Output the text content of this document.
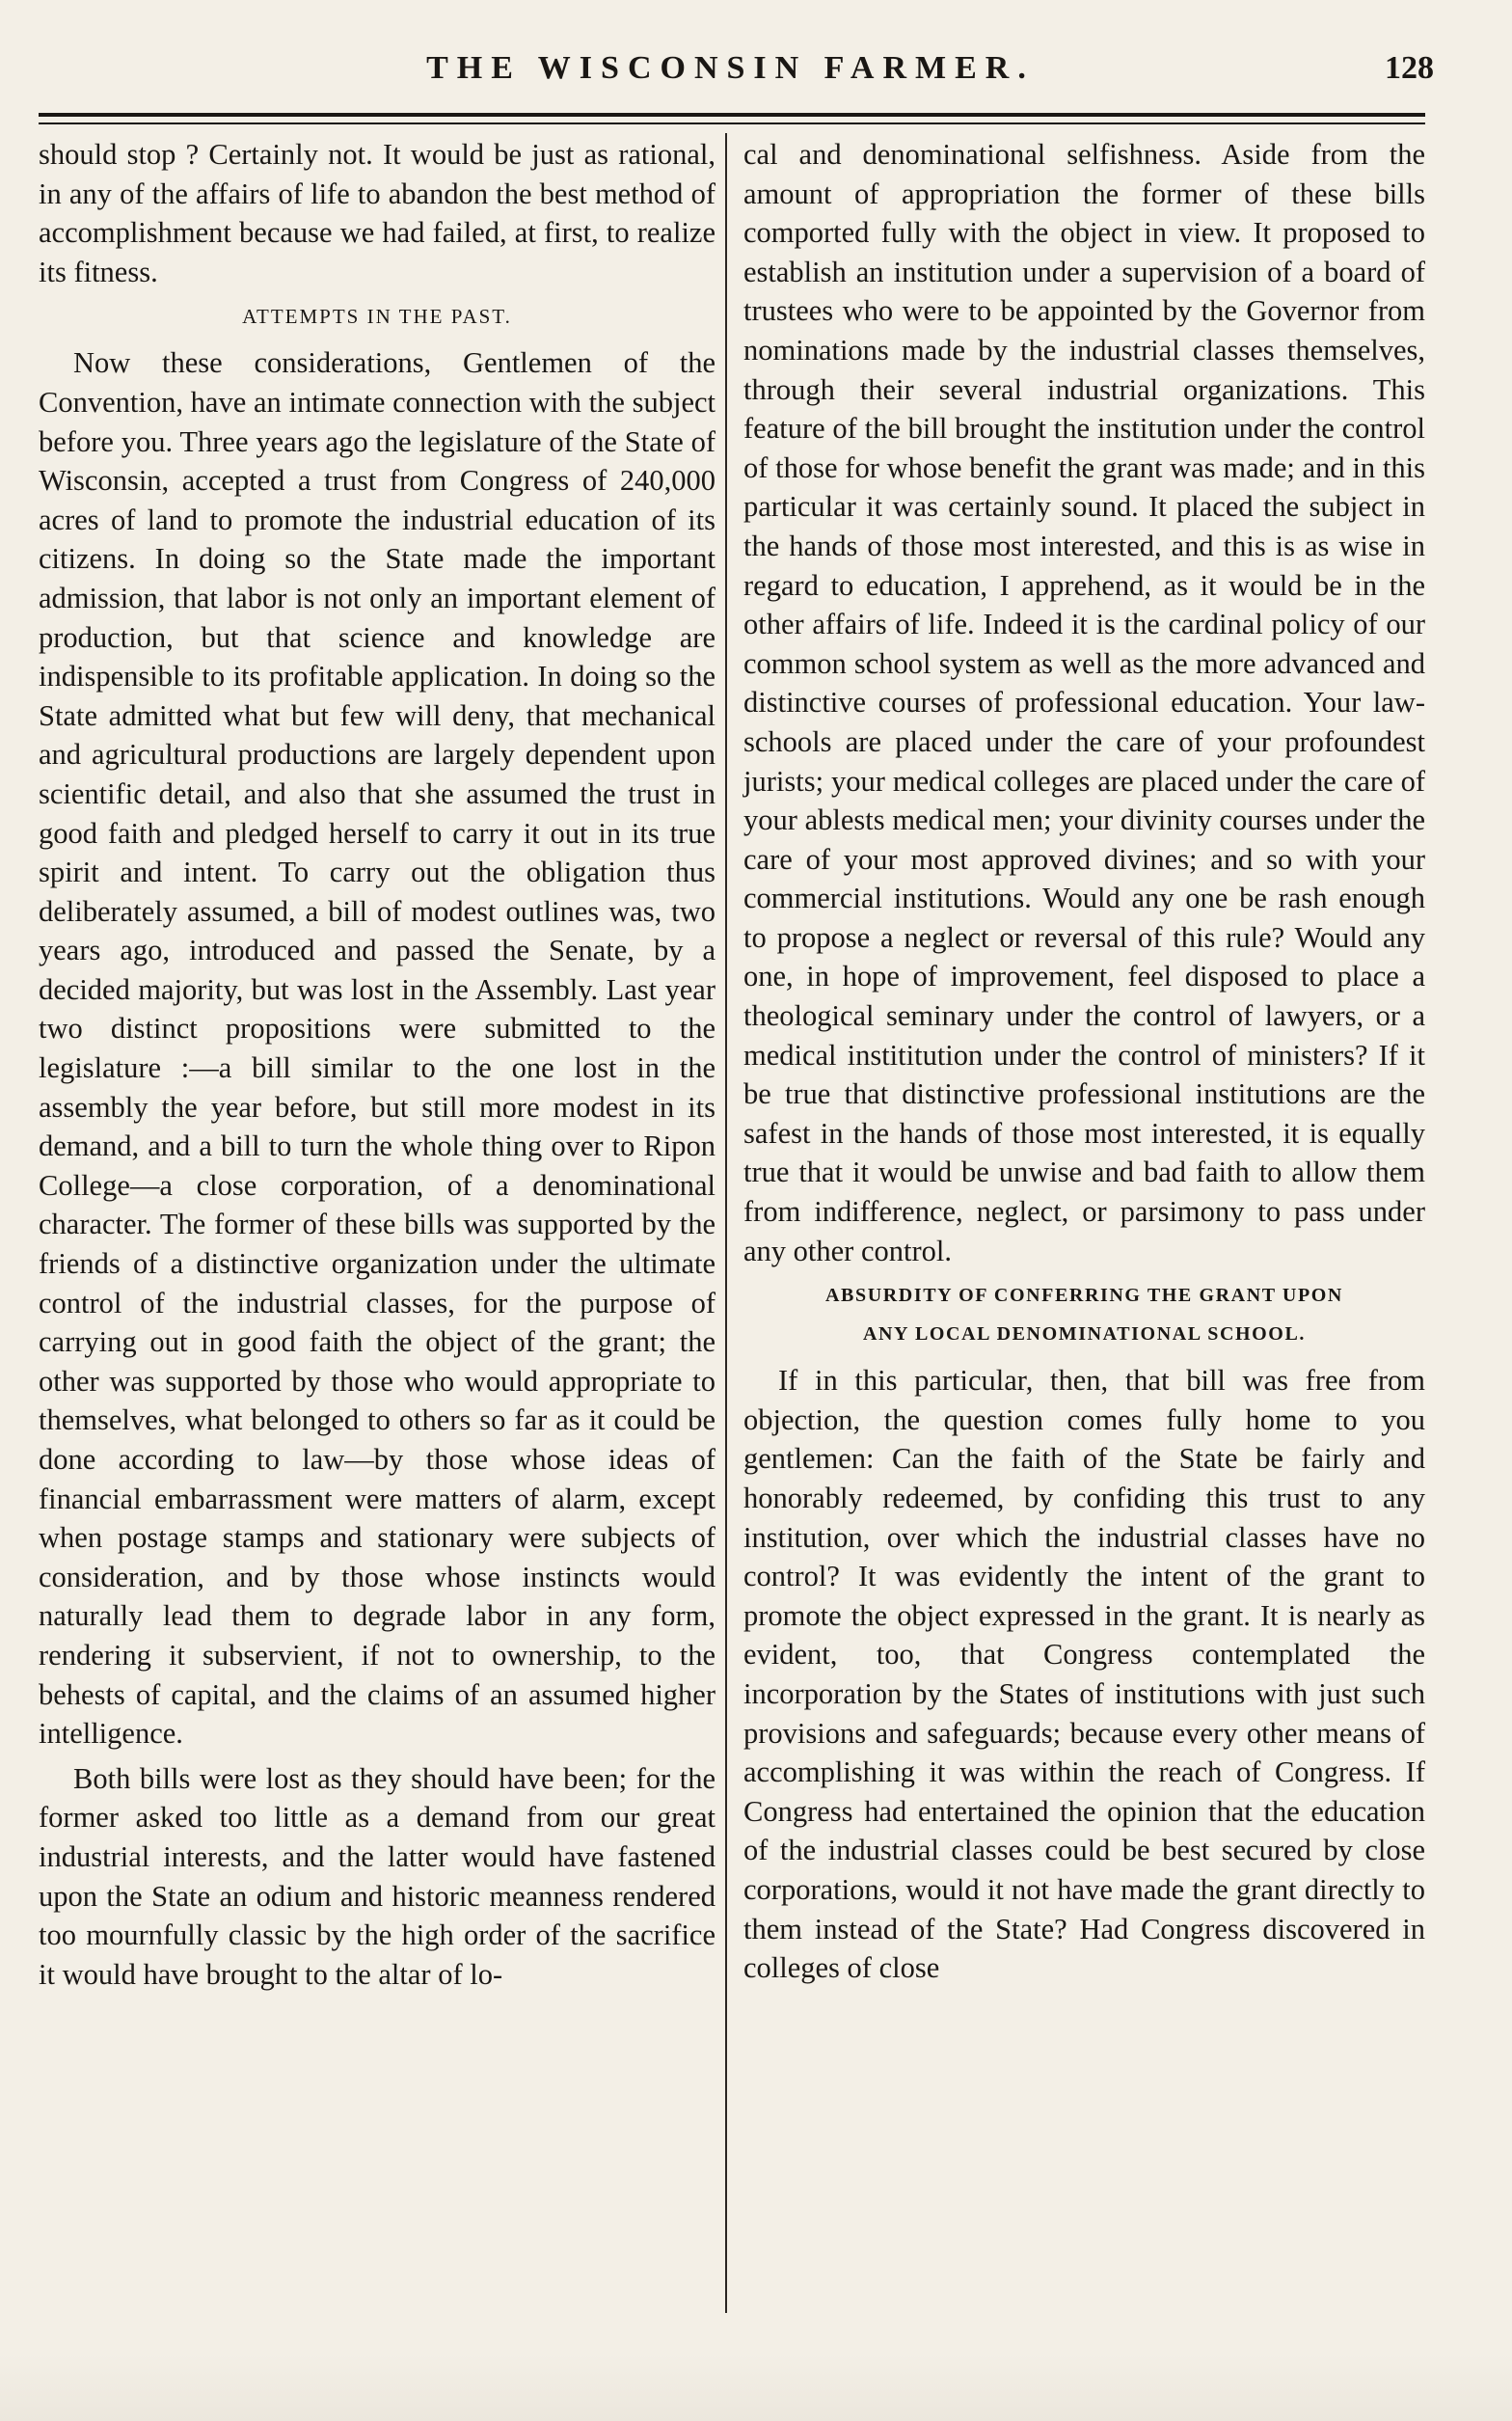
THE WISCONSIN FARMER.	128

should stop ? Certainly not. It would be just as rational, in any of the affairs of life to abandon the best method of accomplishment because we had failed, at first, to realize its fitness.

ATTEMPTS IN THE PAST.

Now these considerations, Gentlemen of the Convention, have an intimate connection with the subject before you. Three years ago the legislature of the State of Wisconsin, accepted a trust from Congress of 240,000 acres of land to promote the industrial education of its citizens. In doing so the State made the important admission, that labor is not only an important element of production, but that science and knowledge are indispensible to its profitable application. In doing so the State admitted what but few will deny, that mechanical and agricultural productions are largely dependent upon scientific detail, and also that she assumed the trust in good faith and pledged herself to carry it out in its true spirit and intent. To carry out the obligation thus deliberately assumed, a bill of modest outlines was, two years ago, introduced and passed the Senate, by a decided majority, but was lost in the Assembly. Last year two distinct propositions were submitted to the legislature :—a bill similar to the one lost in the assembly the year before, but still more modest in its demand, and a bill to turn the whole thing over to Ripon College—a close corporation, of a denominational character. The former of these bills was supported by the friends of a distinctive organization under the ultimate control of the industrial classes, for the purpose of carrying out in good faith the object of the grant; the other was supported by those who would appropriate to themselves, what belonged to others so far as it could be done according to law—by those whose ideas of financial embarrassment were matters of alarm, except when postage stamps and stationary were subjects of consideration, and by those whose instincts would naturally lead them to degrade labor in any form, rendering it subservient, if not to ownership, to the behests of capital, and the claims of an assumed higher intelligence.

Both bills were lost as they should have been; for the former asked too little as a demand from our great industrial interests, and the latter would have fastened upon the State an odium and historic meanness rendered too mournfully classic by the high order of the sacrifice it would have brought to the altar of lo-

cal and denominational selfishness. Aside from the amount of appropriation the former of these bills comported fully with the object in view. It proposed to establish an institution under a supervision of a board of trustees who were to be appointed by the Governor from nominations made by the industrial classes themselves, through their several industrial organizations. This feature of the bill brought the institution under the control of those for whose benefit the grant was made; and in this particular it was certainly sound. It placed the subject in the hands of those most interested, and this is as wise in regard to education, I apprehend, as it would be in the other affairs of life. Indeed it is the cardinal policy of our common school system as well as the more advanced and distinctive courses of professional education. Your law-schools are placed under the care of your profoundest jurists; your medical colleges are placed under the care of your ablests medical men; your divinity courses under the care of your most approved divines; and so with your commercial institutions. Would any one be rash enough to propose a neglect or reversal of this rule? Would any one, in hope of improvement, feel disposed to place a theological seminary under the control of lawyers, or a medical instititution under the control of ministers? If it be true that distinctive professional institutions are the safest in the hands of those most interested, it is equally true that it would be unwise and bad faith to allow them from indifference, neglect, or parsimony to pass under any other control.

ABSURDITY OF CONFERRING THE GRANT UPON
ANY LOCAL DENOMINATIONAL SCHOOL.

If in this particular, then, that bill was free from objection, the question comes fully home to you gentlemen: Can the faith of the State be fairly and honorably redeemed, by confiding this trust to any institution, over which the industrial classes have no control? It was evidently the intent of the grant to promote the object expressed in the grant. It is nearly as evident, too, that Congress contemplated the incorporation by the States of institutions with just such provisions and safeguards; because every other means of accomplishing it was within the reach of Congress. If Congress had entertained the opinion that the education of the industrial classes could be best secured by close corporations, would it not have made the grant directly to them instead of the State? Had Congress discovered in colleges of close
